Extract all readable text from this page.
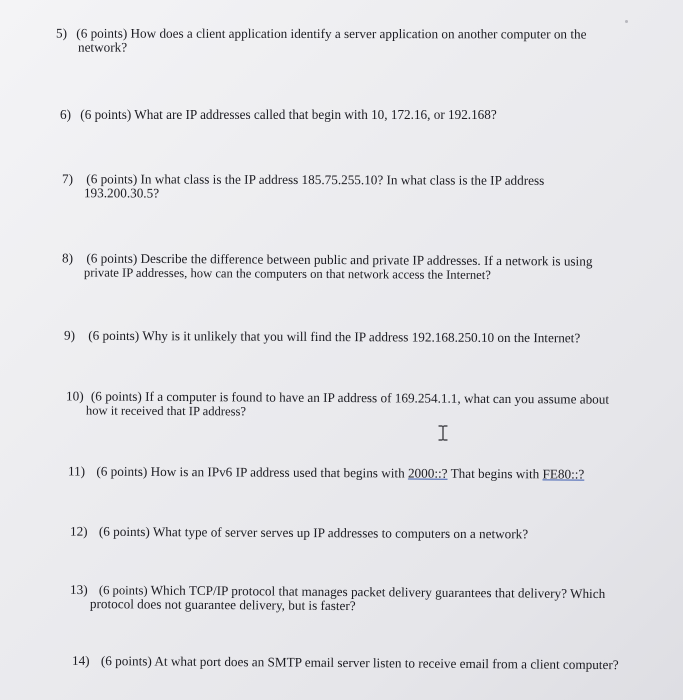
5) (6 points) How does a client application identify a server application on another computer on the
network?
6) (6 points) What are IP addresses called that begin with 10, 172.16, or 192.168?
7) (6 points) In what class is the IP address 185.75.255.10? In what class is the IP address
193.200.30.5?
8) (6 points) Describe the difference between public and private IP addresses. If a network is using
private IP addresses, how can the computers on that network access the Internet?
9) (6 points) Why is it unlikely that you will find the IP address 192.168.250.10 on the Internet?
10) (6 points) If a computer is found to have an IP address of 169.254.1.1, what can you assume about
how it received that IP address?
11) (6 points) How is an IPv6 IP address used that begins with 2000::? That begins with FE80::?
12) (6 points) What type of server serves up IP addresses to computers on a network?
13) (6 points) Which TCP/IP protocol that manages packet delivery guarantees that delivery? Which
protocol does not guarantee delivery, but is faster?
14) (6 points) At what port does an SMTP email server listen to receive email from a client computer?
